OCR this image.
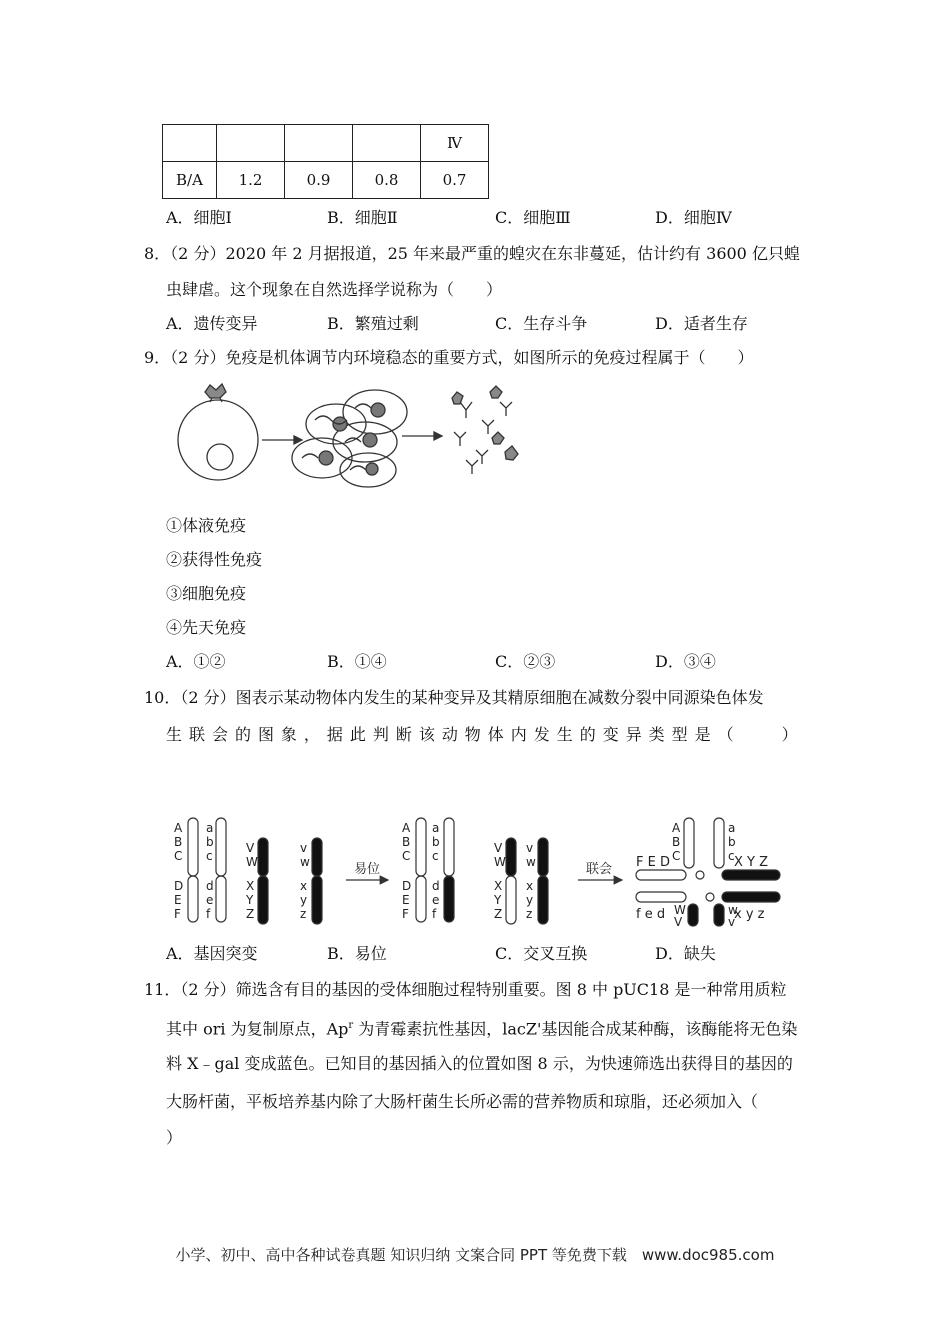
				Ⅳ
B/A	1.2	0.9	0.8	0.7
A．细胞Ⅰ	B．细胞Ⅱ	C．细胞Ⅲ	D．细胞Ⅳ
8．（2 分）2020 年 2 月据报道，25 年来最严重的蝗灾在东非蔓延，估计约有 3600 亿只蝗
虫肆虐。这个现象在自然选择学说称为（　　）
A．遗传变异	B．繁殖过剩	C．生存斗争	D．适者生存
9．（2 分）免疫是机体调节内环境稳态的重要方式，如图所示的免疫过程属于（　　）
①体液免疫
②获得性免疫
③细胞免疫
④先天免疫
A．①②	B．①④	C．②③	D．③④
10．（2 分）图表示某动物体内发生的某种变异及其精原细胞在减数分裂中同源染色体发
生 联 会 的 图 象 ， 据 此 判 断 该 动 物 体 内 发 生 的 变 异 类 型 是 （　　　）
易位	联会 F E D
f e d
X Y Z
x y z
A
B
C
D
E
F
a
b
c
d
e
f
V
W
X
Y
Z
v
w
x
y
z
A
B
C
D
E
F
a
b
c
d
e
f
V
W
X
Y
Z
v
w
x
y
z
A
B
C
a
b
c
W
V
w
v
A．基因突变	B．易位	C．交叉互换	D．缺失
11．（2 分）筛选含有目的基因的受体细胞过程特别重要。图 8 中 pUC18 是一种常用质粒
其中 ori 为复制原点，Ap$^r$ 为青霉素抗性基因，lacZ'基因能合成某种酶，该酶能将无色染
料 X﹣gal 变成蓝色。已知目的基因插入的位置如图 8 示，为快速筛选出获得目的基因的
大肠杆菌，平板培养基内除了大肠杆菌生长所必需的营养物质和琼脂，还必须加入（
）
小学、初中、高中各种试卷真题 知识归纳 文案合同 PPT 等免费下载　www.doc985.com
